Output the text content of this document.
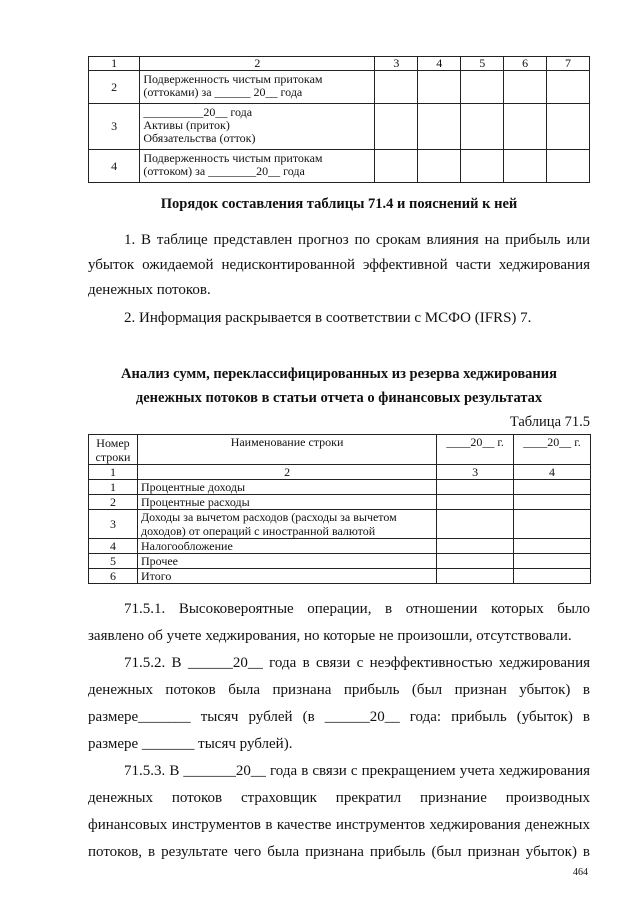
1	2	3	4	5	6	7
2	Подверженность чистым притокам
(оттоками) за ______ 20__ года					

3	__________20__ года
Активы (приток)
Обязательства (отток)					

4	Подверженность чистым притокам
(оттоком) за ________20__ года					

Порядок составления таблицы 71.4 и пояснений к ней
1. В таблице представлен прогноз по срокам влияния на прибыль или убыток ожидаемой недисконтированной эффективной части хеджирования денежных потоков.
2. Информация раскрывается в соответствии с МСФО (IFRS) 7.
Анализ сумм, переклассифицированных из резерва хеджирования
денежных потоков в статьи отчета о финансовых результатах
Таблица 71.5
Номер строки	Наименование строки	____20__ г.	____20__ г.
1	2	3	4
1	Процентные доходы		
2	Процентные расходы		
3	Доходы за вычетом расходов (расходы за вычетом доходов) от операций с иностранной валютой		
4	Налогообложение		
5	Прочее		
6	Итого		
71.5.1. Высоковероятные операции, в отношении которых было заявлено об учете хеджирования, но которые не произошли, отсутствовали.
71.5.2. В ______20__ года в связи с неэффективностью хеджирования денежных потоков была признана прибыль (был признан убыток) в размере_______ тысяч рублей (в ______20__ года: прибыль (убыток) в размере _______ тысяч рублей).
71.5.3. В _______20__ года в связи с прекращением учета хеджирования денежных потоков страховщик прекратил признание производных финансовых инструментов в качестве инструментов хеджирования денежных потоков, в результате чего была признана прибыль (был признан убыток) в
464
